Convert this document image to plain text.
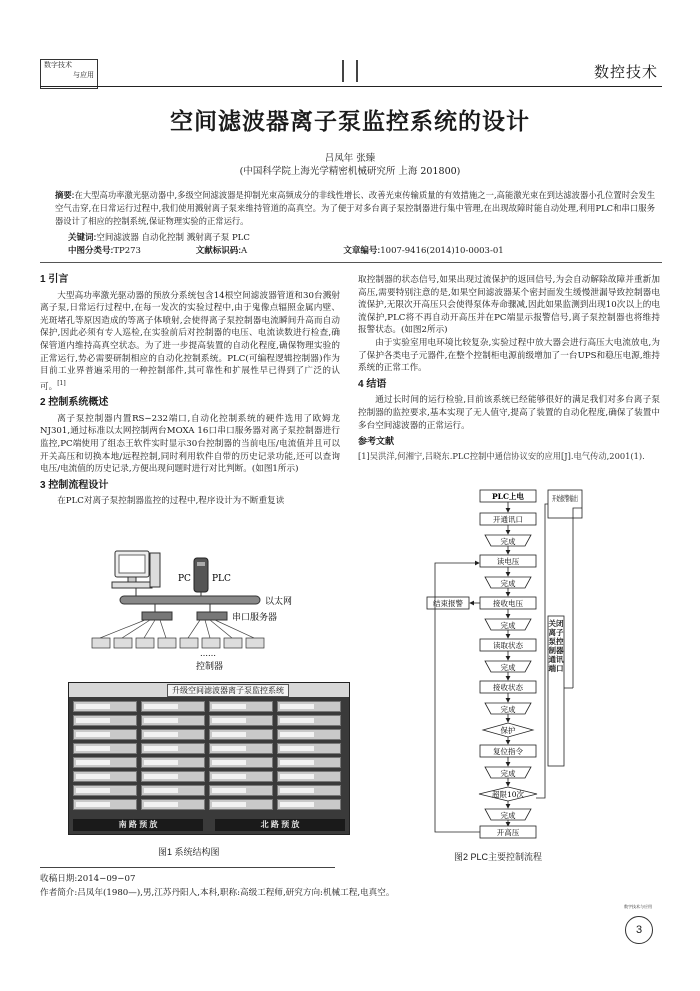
数字技术
与应用	数控技术
空间滤波器离子泵监控系统的设计
吕凤年 张臻
(中国科学院上海光学精密机械研究所 上海 201800)
摘要:在大型高功率激光驱动器中,多级空间滤波器是抑制光束高频成分的非线性增长、改善光束传输质量的有效措施之一,高能激光束在到达滤波器小孔位置时会发生空气击穿,在日常运行过程中,我们使用溅射离子泵来维持管道的高真空。为了便于对多台离子泵控制器进行集中管理,在出现故障时能自动处理,利用PLC和串口服务器设计了相应的控制系统,保证物理实验的正常运行。
关键词:空间滤波器 自动化控制 溅射离子泵 PLC
中图分类号:TP273	文献标识码:A	文章编号:1007-9416(2014)10-0003-01
1 引言
大型高功率激光驱动器的预放分系统包含14根空间滤波器管道和30台溅射离子泵,日常运行过程中,在每一发次的实验过程中,由于鬼像点辐照金属内壁、光斑堵孔等原因造成的等离子体喷射,会使得离子泵控制器电流瞬间升高而自动保护,因此必须有专人巡检,在实验前后对控制器的电压、电流读数进行检查,确保管道内维持高真空状态。为了进一步提高装置的自动化程度,确保物理实验的正常运行,势必需要研制相应的自动化控制系统。PLC(可编程逻辑控制器)作为目前工业界普遍采用的一种控制部件,其可靠性和扩展性早已得到了广泛的认可。[1]
2 控制系统概述
离子泵控制器内置RS−232端口,自动化控制系统的硬件选用了欧姆龙NJ301,通过标准以太网控制两台MOXA 16口串口服务器对离子泵控制器进行监控,PC端使用了组态王软件实时显示30台控制器的当前电压/电流值并且可以开关高压和切换本地/远程控制,同时利用软件自带的历史记录功能,还可以查询电压/电流值的历史记录,方便出现问题时进行对比判断。(如图1所示)
3 控制流程设计
在PLC对离子泵控制器监控的过程中,程序设计为不断重复读
PC PLC
以太网
串口服务器
……
控制器
升级空间滤波器离子泵监控系统
南 路 预 放	北 路 预 放
图1 系统结构图
取控制器的状态信号,如果出现过流保护的返回信号,为会自动解除故障并重新加高压,需要特别注意的是,如果空间滤波器某个密封面发生缓慢泄漏导致控制器电流保护,无限次开高压只会使得泵体寿命骤减,因此如果监测到出现10次以上的电流保护,PLC将不再自动开高压并在PC端显示报警信号,离子泵控制器也将维持报警状态。(如图2所示)
由于实验室用电环境比较复杂,实验过程中放大器会进行高压大电流放电,为了保护各类电子元器件,在整个控制柜电源前级增加了一台UPS和稳压电源,维持系统的正常工作。
4 结语
通过长时间的运行检验,目前该系统已经能够很好的满足我们对多台离子泵控制器的监控要求,基本实现了无人值守,提高了装置的自动化程度,确保了装置中多台空间滤波器的正常运行。
参考文献
[1]吴洪洋,何湘宁,吕晓东.PLC控制中通信协议安的应用[J].电气传动,2001(1).
PLC上电
开通讯口
完成
读电压
完成
结束报警	接收电压
完成
读取状态
完成
接收状态
完成
保护
复位指令
完成
超限10次
完成
开高压
开始报警输出
关闭离子泵控制器通讯端口
图2 PLC主要控制流程
收稿日期:2014−09−07
作者简介:吕凤年(1980—),男,江苏丹阳人,本科,职称:高级工程师,研究方向:机械工程,电真空。
数字技术与应用
3
